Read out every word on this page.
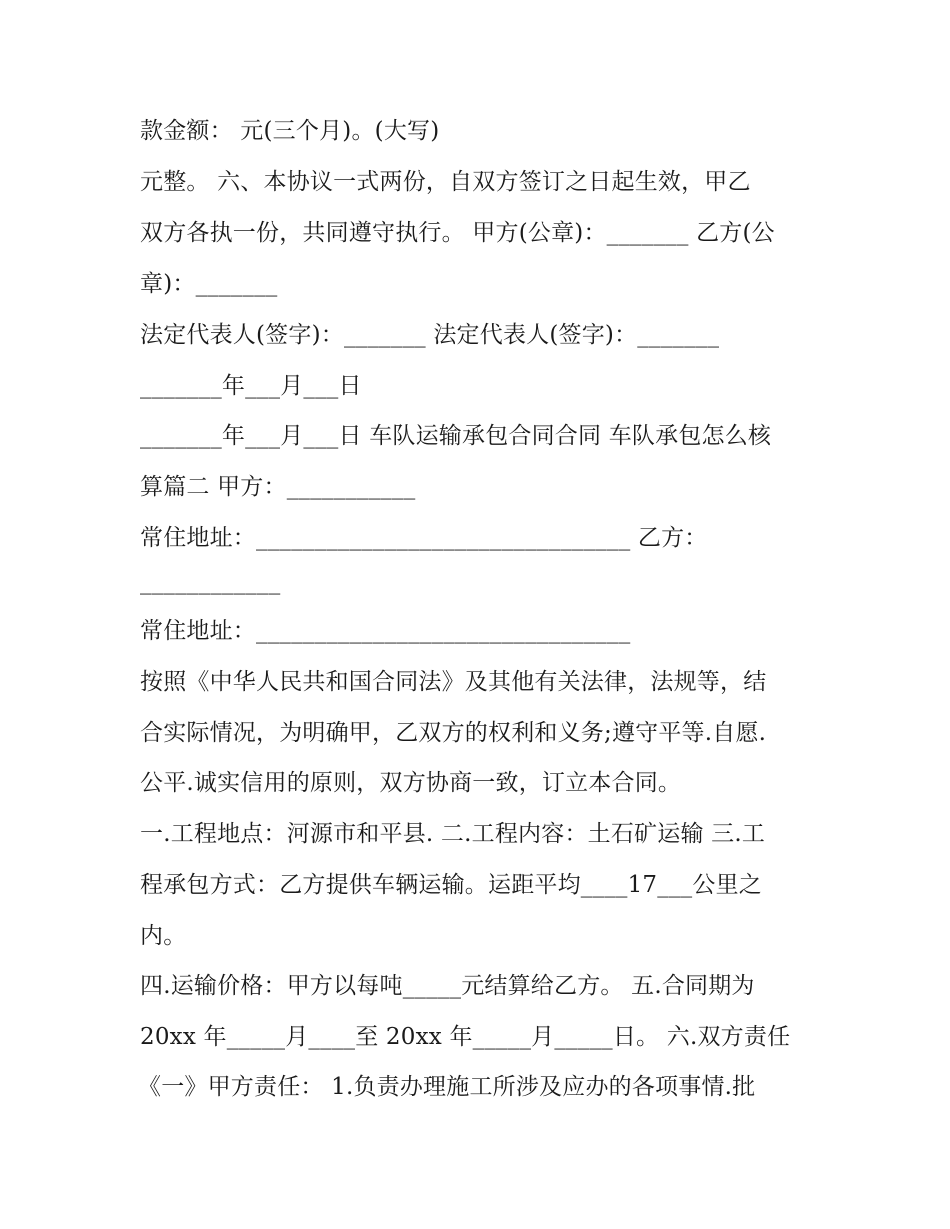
款金额： 元(三个月)。(大写)
元整。 六、本协议一式两份，自双方签订之日起生效，甲乙
双方各执一份，共同遵守执行。 甲方(公章)：_______ 乙方(公
章)：_______
法定代表人(签字)：_______ 法定代表人(签字)：_______
_______年___月___日
_______年___月___日 车队运输承包合同合同 车队承包怎么核
算篇二 甲方：___________
常住地址：________________________________ 乙方：
____________
常住地址：________________________________
按照《中华人民共和国合同法》及其他有关法律，法规等，结
合实际情况，为明确甲，乙双方的权利和义务;遵守平等.自愿.
公平.诚实信用的原则，双方协商一致，订立本合同。
一.工程地点：河源市和平县. 二.工程内容：土石矿运输 三.工
程承包方式：乙方提供车辆运输。运距平均____17___公里之
内。
四.运输价格：甲方以每吨_____元结算给乙方。 五.合同期为
20xx 年_____月____至 20xx 年_____月_____日。 六.双方责任
《一》甲方责任： 1.负责办理施工所涉及应办的各项事情.批
